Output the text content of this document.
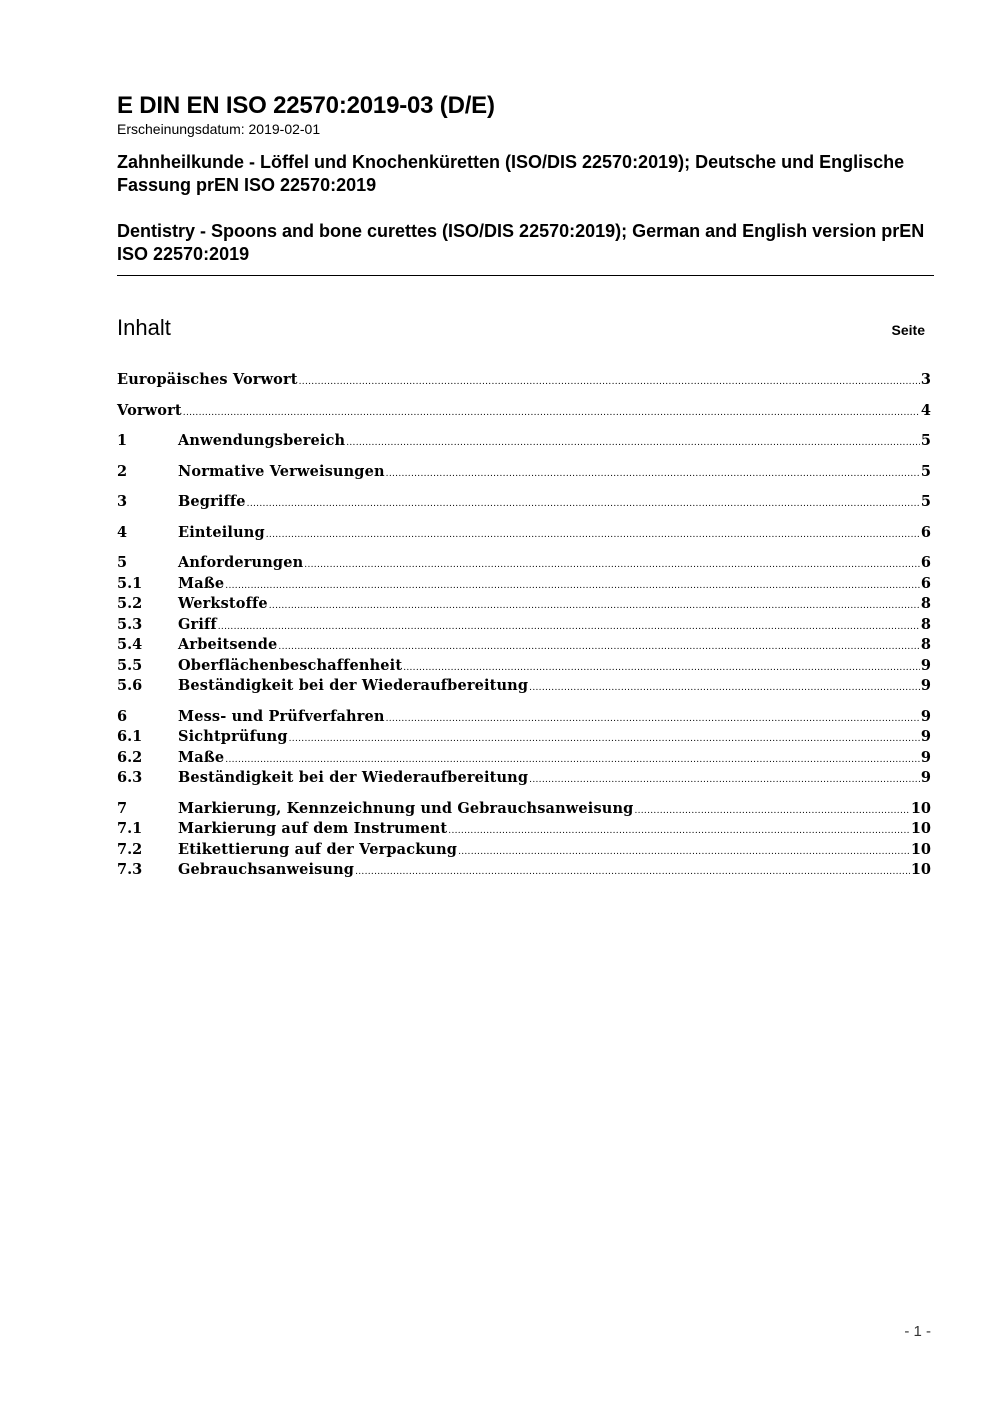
E DIN EN ISO 22570:2019-03 (D/E)

Erscheinungsdatum: 2019-02-01

Zahnheilkunde - Löffel und Knochenküretten (ISO/DIS 22570:2019); Deutsche und Englische Fassung prEN ISO 22570:2019

Dentistry - Spoons and bone curettes (ISO/DIS 22570:2019); German and English version prEN ISO 22570:2019

Inhalt	Seite
Europäisches Vorwort .....	3
Vorwort .....	4
1	Anwendungsbereich .....	5
2	Normative Verweisungen .....	5
3	Begriffe .....	5
4	Einteilung .....	6
5	Anforderungen .....	6
5.1	Maße .....	6
5.2	Werkstoffe .....	8
5.3	Griff .....	8
5.4	Arbeitsende .....	8
5.5	Oberflächenbeschaffenheit .....	9
5.6	Beständigkeit bei der Wiederaufbereitung .....	9
6	Mess- und Prüfverfahren .....	9
6.1	Sichtprüfung .....	9
6.2	Maße .....	9
6.3	Beständigkeit bei der Wiederaufbereitung .....	9
7	Markierung, Kennzeichnung und Gebrauchsanweisung .....	10
7.1	Markierung auf dem Instrument .....	10
7.2	Etikettierung auf der Verpackung .....	10
7.3	Gebrauchsanweisung .....	10
- 1 -
